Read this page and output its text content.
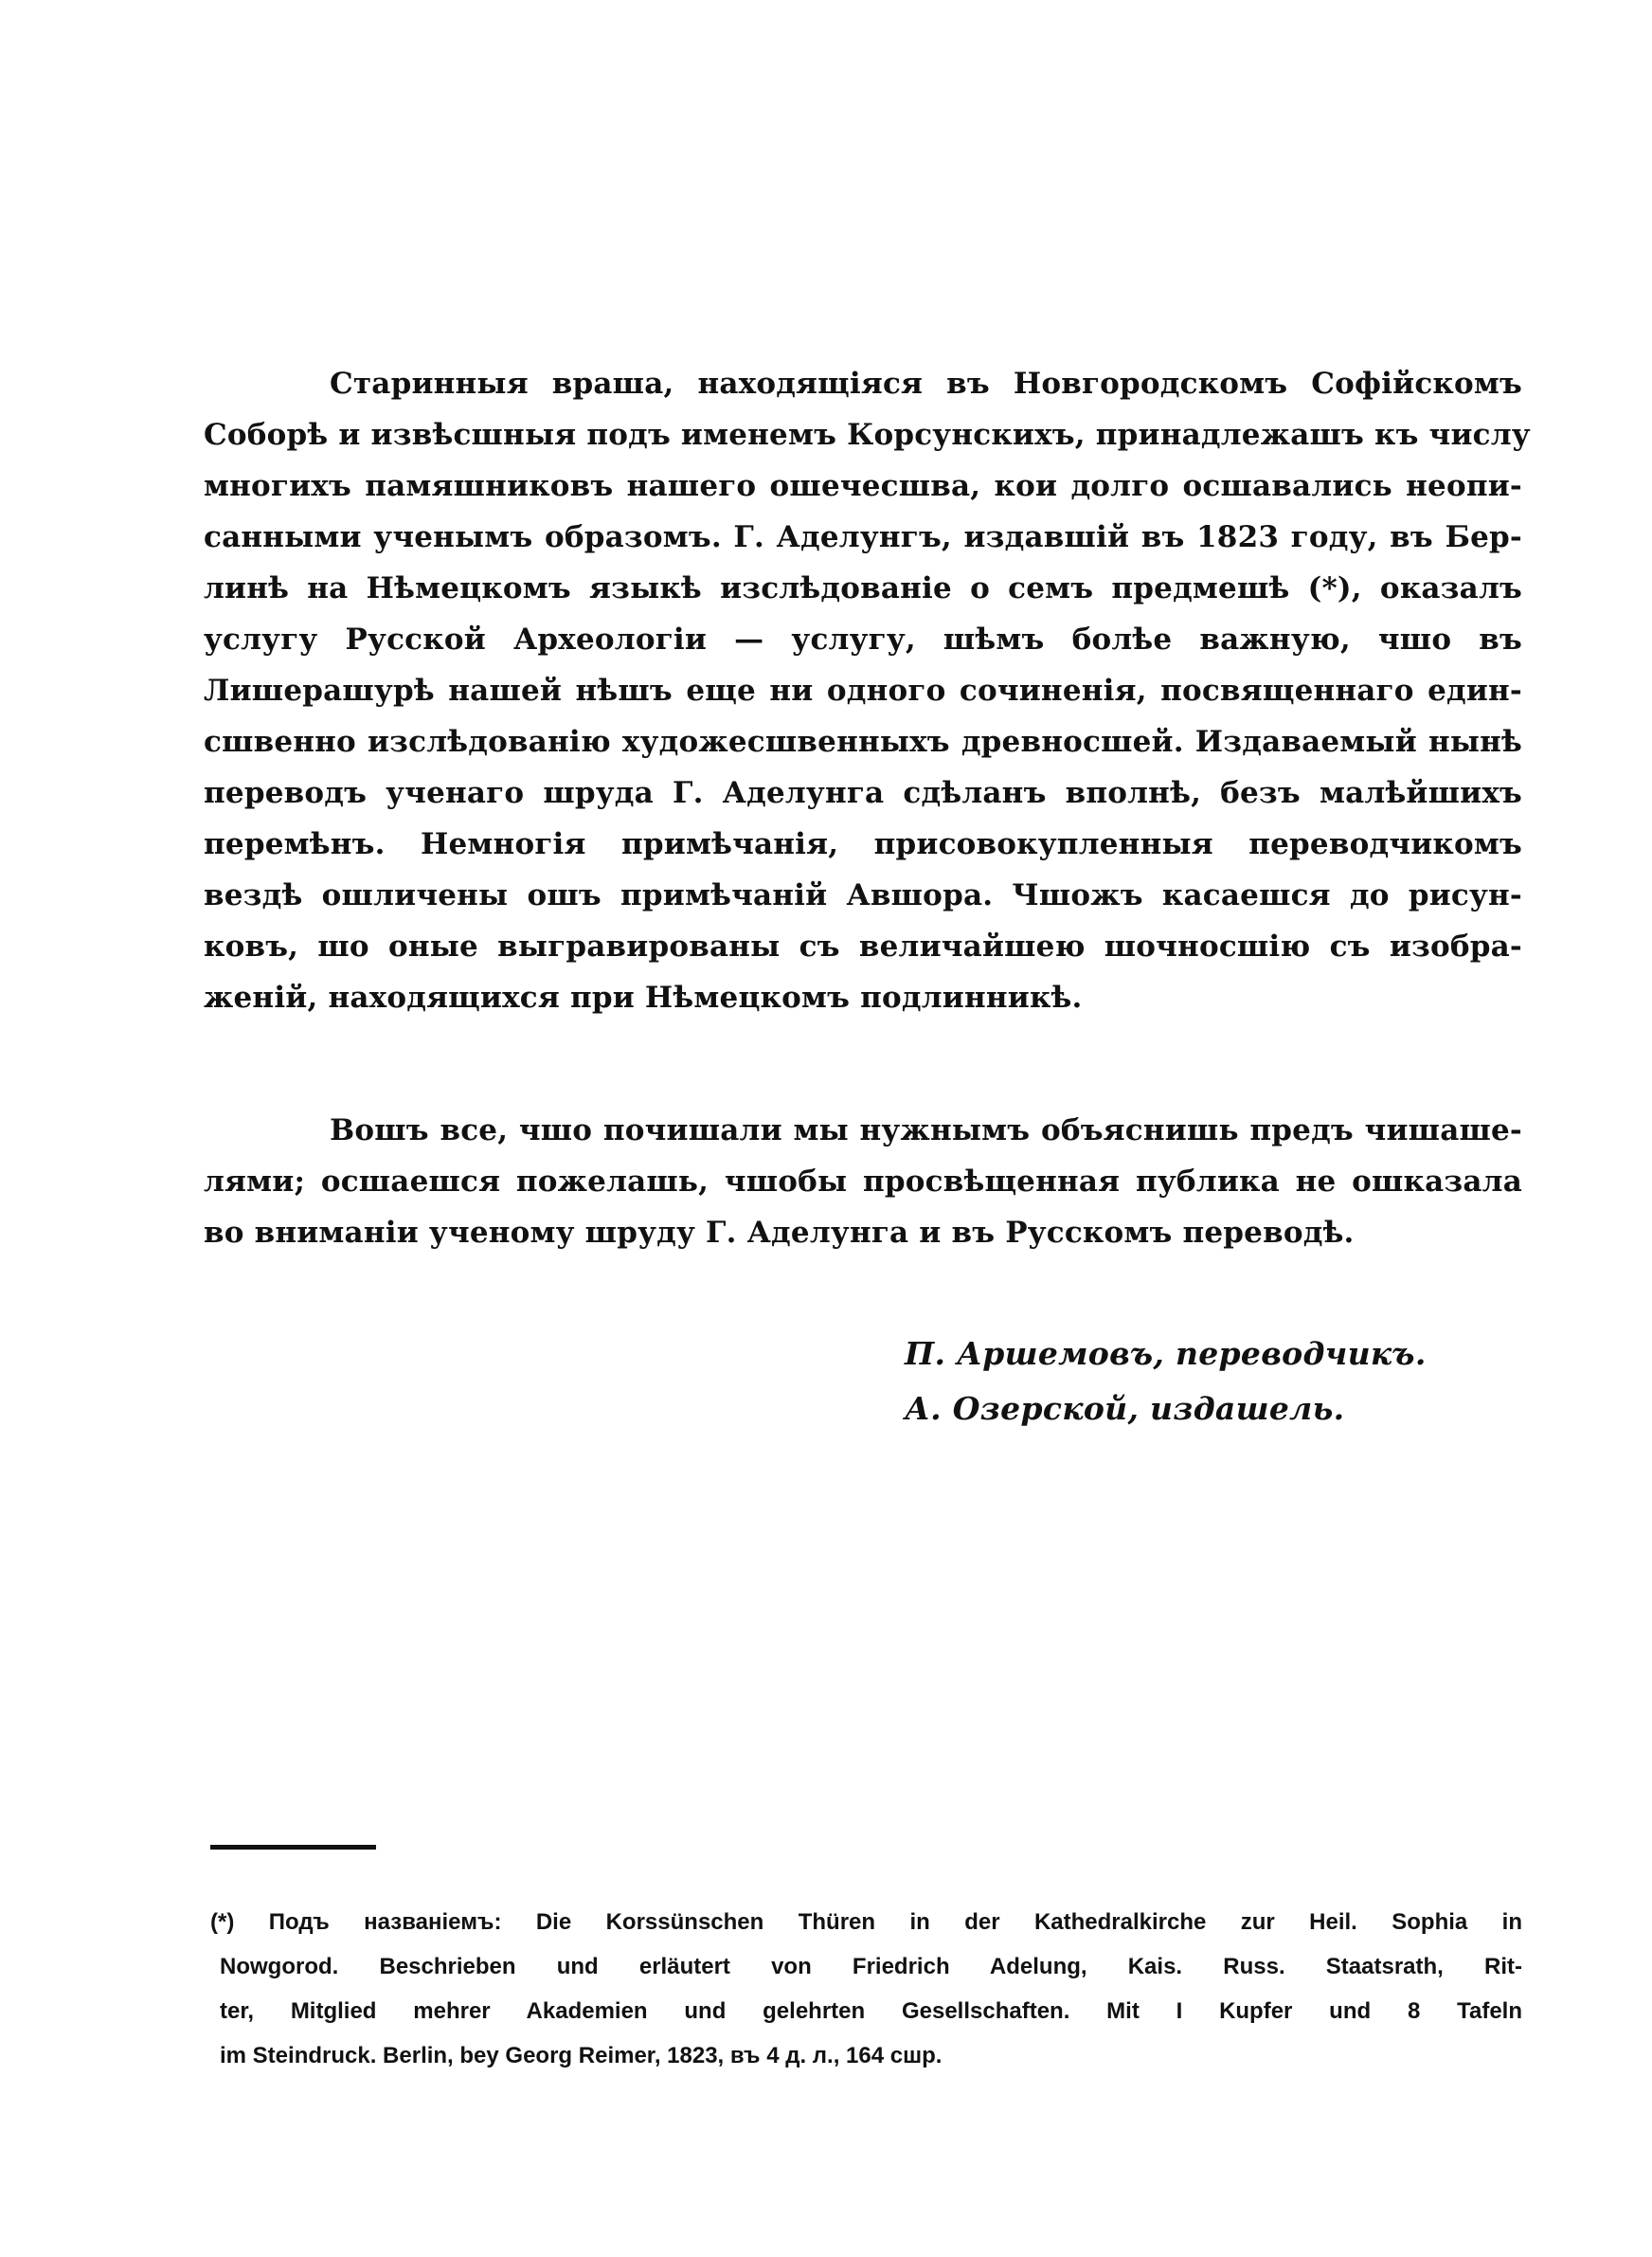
Старинныя враша, находящіяся въ Новгородскомъ Софійскомъ
Соборѣ и извѣсшныя подъ именемъ Корсунскихъ, принадлежашъ къ числу
многихъ памяшниковъ нашего ошечесшва, кои долго осшавались неопи-
санными ученымъ образомъ. Г. Аделунгъ, издавшій въ 1823 году, въ Бер-
линѣ на Нѣмецкомъ языкѣ изслѣдованіе о семъ предмешѣ (*), оказалъ
услугу Русской Археологіи — услугу, шѣмъ болѣе важную, чшо въ
Лишерашурѣ нашей нѣшъ еще ни одного сочиненія, посвященнаго един-
сшвенно изслѣдованію художесшвенныхъ древносшей. Издаваемый нынѣ
переводъ ученаго шруда Г. Аделунга сдѣланъ вполнѣ, безъ малѣйшихъ
перемѣнъ. Немногія примѣчанія, присовокупленныя переводчикомъ
вездѣ ошличены ошъ примѣчаній Авшора. Чшожъ касаешся до рисун-
ковъ, шо оные выгравированы съ величайшею шочносшію съ изобра-
женій, находящихся при Нѣмецкомъ подлинникѣ.
Вошъ все, чшо почишали мы нужнымъ объяснишь предъ чишаше-
лями; осшаешся пожелашь, чшобы просвѣщенная публика не ошказала
во вниманіи ученому шруду Г. Аделунга и въ Русскомъ переводѣ.
П. Аршемовъ, переводчикъ.
А. Озерской, издашель.
(*) Подъ названіемъ: Die Korssünschen Thüren in der Kathedralkirche zur Heil. Sophia in
Nowgorod. Beschrieben und erläutert von Friedrich Adelung, Kais. Russ. Staatsrath, Rit-
ter, Mitglied mehrer Akademien und gelehrten Gesellschaften. Mit I Kupfer und 8 Tafeln
im Steindruck. Berlin, bey Georg Reimer, 1823, въ 4 д. л., 164 сшр.
